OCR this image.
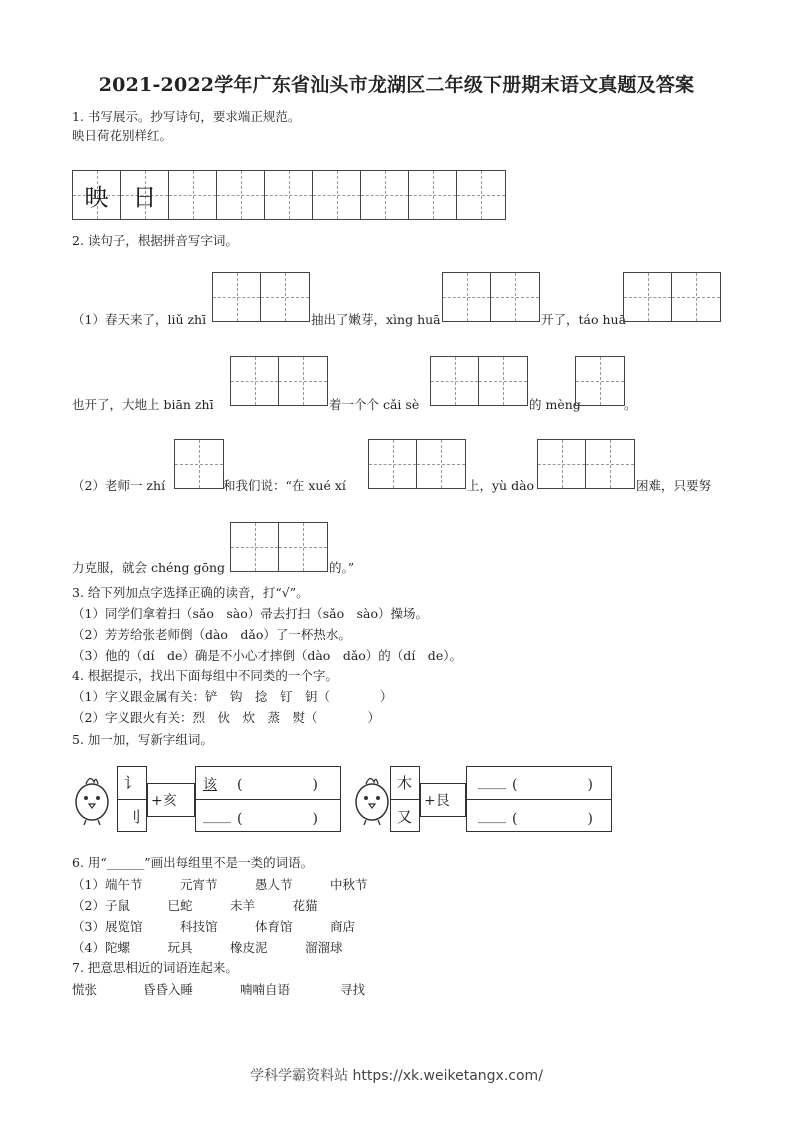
2021-2022学年广东省汕头市龙湖区二年级下册期末语文真题及答案
1. 书写展示。抄写诗句，要求端正规范。
映日荷花别样红。
映	日
2. 读句子，根据拼音写字词。
（1）春天来了，liǔ zhī	抽出了嫩芽，xìng huā	开了，táo huā
也开了，大地上 biān zhī	着一个个 cǎi sè	的 mèng	。
（2）老师一 zhí	和我们说：“在 xué xí	上，yù dào	困难，只要努
力克服，就会 chéng gōng	的。”
3. 给下列加点字选择正确的读音，打“√”。
（1）同学们拿着扫（sǎo　sào）帚去打扫（sǎo　sào）操场。
（2）芳芳给张老师倒（dào　dǎo）了一杯热水。
（3）他的（dí　de）确是不小心才摔倒（dào　dǎo）的（dí　de）。
4. 根据提示，找出下面每组中不同类的一个字。
（1）字义跟金属有关：铲　钩　捻　钉　钥（　　　　）
（2）字义跟火有关：烈　伙　炊　蒸　熨（　　　　）
5. 加一加，写新字组词。
讠
刂
+亥
该 (　　　　　)
____ (　　　　　)
木
又
+艮
____ (　　　　　)
____ (　　　　　)
6. 用“______”画出每组里不是一类的词语。
（1）端午节　　　元宵节　　　愚人节　　　中秋节
（2）子鼠　　　巳蛇　　　未羊　　　花猫
（3）展览馆　　　科技馆　　　体育馆　　　商店
（4）陀螺　　　玩具　　　橡皮泥　　　溜溜球
7. 把意思相近的词语连起来。
慌张	昏昏入睡	喃喃自语	寻找
学科学霸资料站 https://xk.weiketangx.com/
